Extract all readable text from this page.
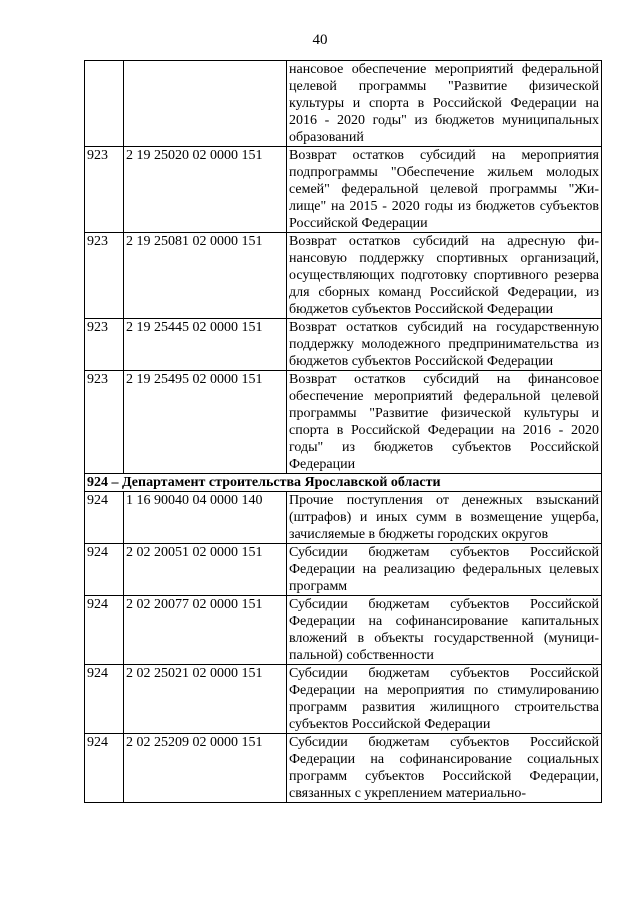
40
		нансовое обеспечение мероприятий федеральной целевой программы "Развитие физической культуры и спорта в Российской Федерации на 2016 - 2020 годы" из бюджетов муниципальных образований
923	2 19 25020 02 0000 151	Возврат остатков субсидий на мероприятия подпрограммы "Обеспечение жильем молодых семей" федеральной целевой программы "Жилище" на 2015 - 2020 годы из бюджетов субъектов Российской Федерации
923	2 19 25081 02 0000 151	Возврат остатков субсидий на адресную финансовую поддержку спортивных организаций, осуществляющих подготовку спортивного резерва для сборных команд Российской Федерации, из бюджетов субъектов Российской Федерации
923	2 19 25445 02 0000 151	Возврат остатков субсидий на государственную поддержку молодежного предпринимательства из бюджетов субъектов Российской Федерации
923	2 19 25495 02 0000 151	Возврат остатков субсидий на финансовое обеспечение мероприятий федеральной целевой программы "Развитие физической культуры и спорта в Российской Федерации на 2016 - 2020 годы" из бюджетов субъектов Российской Федерации
924 – Департамент строительства Ярославской области		
924	1 16 90040 04 0000 140	Прочие поступления от денежных взысканий (штрафов) и иных сумм в возмещение ущерба, зачисляемые в бюджеты городских округов
924	2 02 20051 02 0000 151	Субсидии бюджетам субъектов Российской Федерации на реализацию федеральных целевых программ
924	2 02 20077 02 0000 151	Субсидии бюджетам субъектов Российской Федерации на софинансирование капитальных вложений в объекты государственной (муниципальной) собственности
924	2 02 25021 02 0000 151	Субсидии бюджетам субъектов Российской Федерации на мероприятия по стимулированию программ развития жилищного строительства субъектов Российской Федерации
924	2 02 25209 02 0000 151	Субсидии бюджетам субъектов Российской Федерации на софинансирование социальных программ субъектов Российской Федерации, связанных с укреплением материально-
